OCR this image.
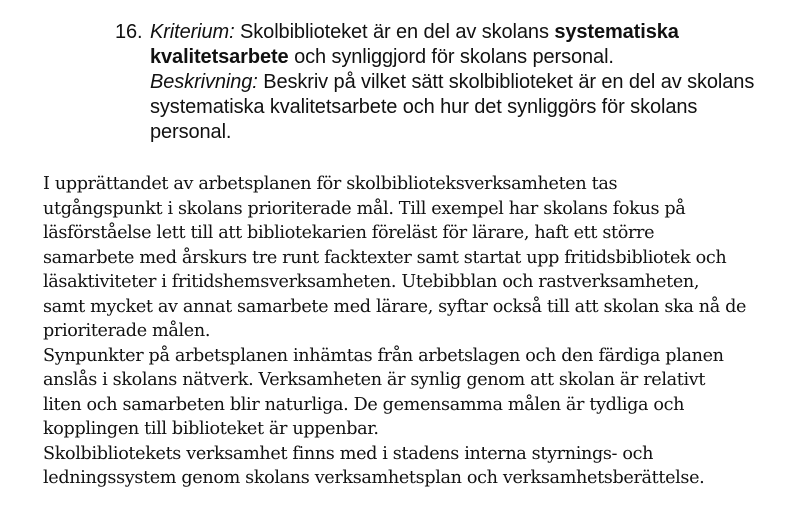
16. Kriterium: Skolbiblioteket är en del av skolans systematiska kvalitetsarbete och synliggjord för skolans personal.
Beskrivning: Beskriv på vilket sätt skolbiblioteket är en del av skolans systematiska kvalitetsarbete och hur det synliggörs för skolans personal.
I upprättandet av arbetsplanen för skolbiblioteksverksamheten tas
utgångspunkt i skolans prioriterade mål. Till exempel har skolans fokus på
läsförståelse lett till att bibliotekarien föreläst för lärare, haft ett större
samarbete med årskurs tre runt facktexter samt startat upp fritidsbibliotek och
läsaktiviteter i fritidshemsverksamheten. Utebibblan och rastverksamheten,
samt mycket av annat samarbete med lärare, syftar också till att skolan ska nå de
prioriterade målen.
Synpunkter på arbetsplanen inhämtas från arbetslagen och den färdiga planen
anslås i skolans nätverk. Verksamheten är synlig genom att skolan är relativt
liten och samarbeten blir naturliga. De gemensamma målen är tydliga och
kopplingen till biblioteket är uppenbar.
Skolbibliotekets verksamhet finns med i stadens interna styrnings- och
ledningssystem genom skolans verksamhetsplan och verksamhetsberättelse.
